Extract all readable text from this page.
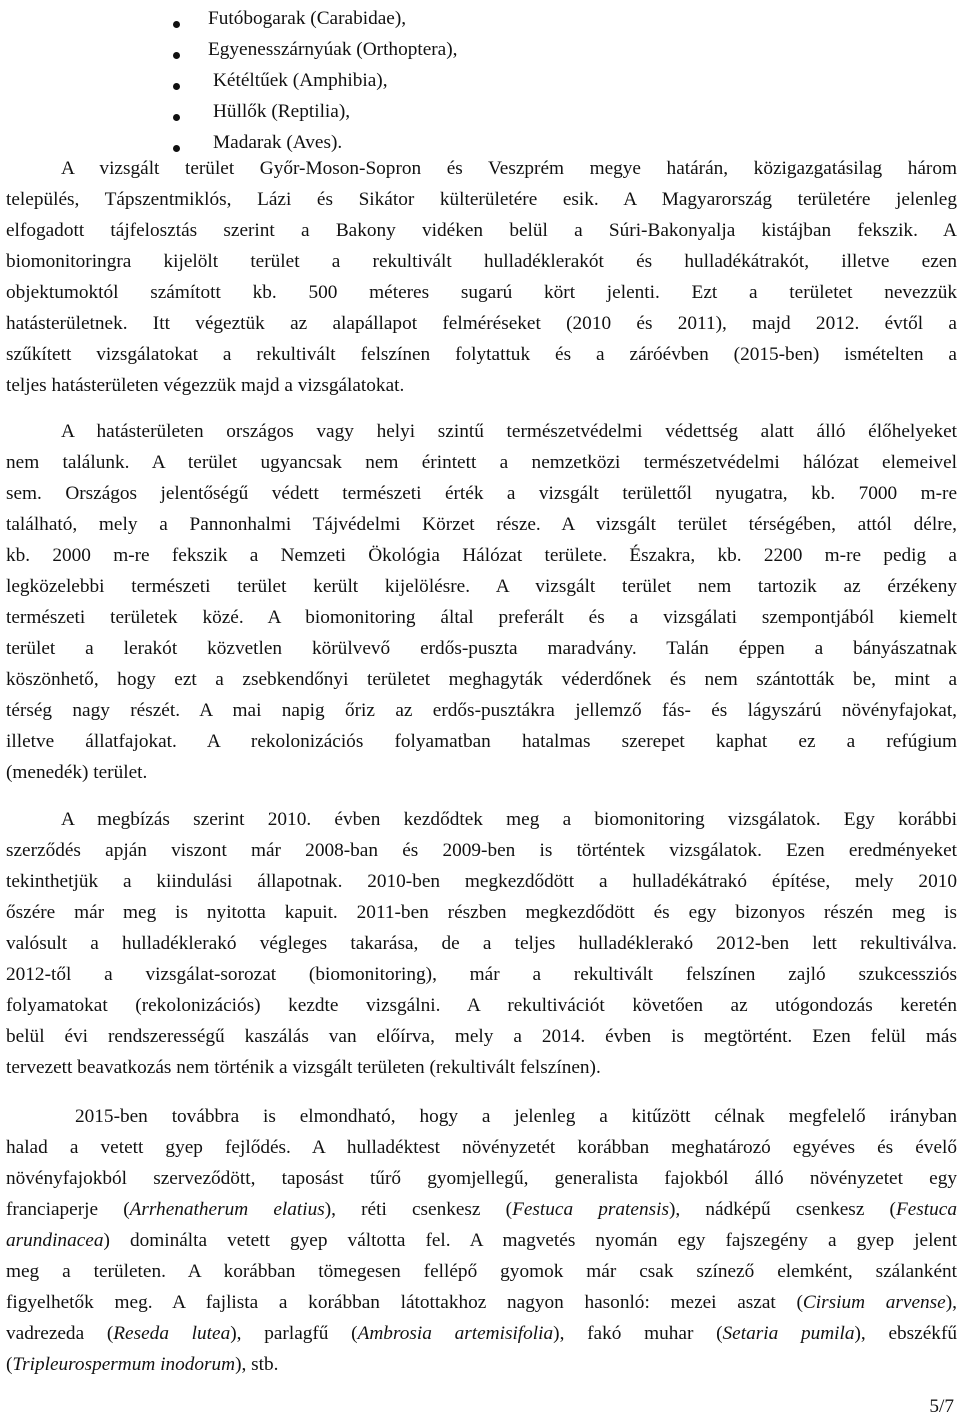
Futóbogarak (Carabidae),
Egyenesszárnyúak (Orthoptera),
Kétéltűek (Amphibia),
Hüllők (Reptilia),
Madarak (Aves).
A vizsgált terület Győr-Moson-Sopron és Veszprém megye határán, közigazgatásilag három
település, Tápszentmiklós, Lázi és Sikátor külterületére esik. A Magyarország területére jelenleg
elfogadott tájfelosztás szerint a Bakony vidéken belül a Súri-Bakonyalja kistájban fekszik. A
biomonitoringra kijelölt terület a rekultivált hulladéklerakót és hulladékátrakót, illetve ezen
objektumoktól számított kb. 500 méteres sugarú kört jelenti. Ezt a területet nevezzük
hatásterületnek. Itt végeztük az alapállapot felméréseket (2010 és 2011), majd 2012. évtől a
szűkített vizsgálatokat a rekultivált felszínen folytattuk és a záróévben (2015-ben) ismételten a
teljes hatásterületen végezzük majd a vizsgálatokat.
A hatásterületen országos vagy helyi szintű természetvédelmi védettség alatt álló élőhelyeket
nem találunk. A terület ugyancsak nem érintett a nemzetközi természetvédelmi hálózat elemeivel
sem. Országos jelentőségű védett természeti érték a vizsgált területtől nyugatra, kb. 7000 m-re
található, mely a Pannonhalmi Tájvédelmi Körzet része. A vizsgált terület térségében, attól délre,
kb. 2000 m-re fekszik a Nemzeti Ökológia Hálózat területe. Északra, kb. 2200 m-re pedig a
legközelebbi természeti terület került kijelölésre. A vizsgált terület nem tartozik az érzékeny
természeti területek közé. A biomonitoring által preferált és a vizsgálati szempontjából kiemelt
terület a lerakót közvetlen körülvevő erdős-puszta maradvány. Talán éppen a bányászatnak
köszönhető, hogy ezt a zsebkendőnyi területet meghagyták véderdőnek és nem szántották be, mint a
térség nagy részét. A mai napig őriz az erdős-pusztákra jellemző fás- és lágyszárú növényfajokat,
illetve állatfajokat. A rekolonizációs folyamatban hatalmas szerepet kaphat ez a refúgium
(menedék) terület.
A megbízás szerint 2010. évben kezdődtek meg a biomonitoring vizsgálatok. Egy korábbi
szerződés apján viszont már 2008-ban és 2009-ben is történtek vizsgálatok. Ezen eredményeket
tekinthetjük a kiindulási állapotnak. 2010-ben megkezdődött a hulladékátrakó építése, mely 2010
őszére már meg is nyitotta kapuit. 2011-ben részben megkezdődött és egy bizonyos részén meg is
valósult a hulladéklerakó végleges takarása, de a teljes hulladéklerakó 2012-ben lett rekultiválva.
2012-től a vizsgálat-sorozat (biomonitoring), már a rekultivált felszínen zajló szukcessziós
folyamatokat (rekolonizációs) kezdte vizsgálni. A rekultivációt követően az utógondozás keretén
belül évi rendszerességű kaszálás van előírva, mely a 2014. évben is megtörtént. Ezen felül más
tervezett beavatkozás nem történik a vizsgált területen (rekultivált felszínen).
2015-ben továbbra is elmondható, hogy a jelenleg a kitűzött célnak megfelelő irányban
halad a vetett gyep fejlődés. A hulladéktest növényzetét korábban meghatározó egyéves és évelő
növényfajokból szerveződött, taposást tűrő gyomjellegű, generalista fajokból álló növényzetet egy
franciaperje (Arrhenatherum elatius), réti csenkesz (Festuca pratensis), nádképű csenkesz (Festuca
arundinacea) dominálta vetett gyep váltotta fel. A magvetés nyomán egy fajszegény a gyep jelent
meg a területen. A korábban tömegesen fellépő gyomok már csak színező elemként, szálanként
figyelhetők meg. A fajlista a korábban látottakhoz nagyon hasonló: mezei aszat (Cirsium arvense),
vadrezeda (Reseda lutea), parlagfű (Ambrosia artemisifolia), fakó muhar (Setaria pumila), ebszékfű
(Tripleurospermum inodorum), stb.
5/7
